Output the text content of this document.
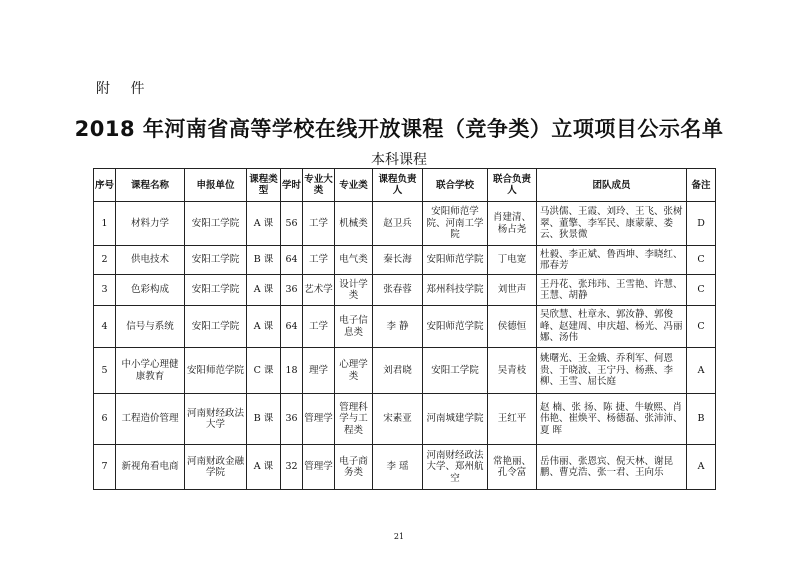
附 件
2018 年河南省高等学校在线开放课程（竞争类）立项项目公示名单
本科课程
序号	课程名称	申报单位	课程类型	学时	专业大类	专业类	课程负责人	联合学校	联合负责人	团队成员	备注
1	材料力学	安阳工学院	A 课	56	工学	机械类	赵卫兵	安阳师范学院、河南工学院	肖建清、杨占尧	马洪儒、王霞、刘玲、王飞、张树翠、董擎、李军民、康蒙蒙、娄云、狄景微	D
2	供电技术	安阳工学院	B 课	64	工学	电气类	秦长海	安阳师范学院	丁电宽	杜毅、李正斌、鲁西坤、李晓红、邢春芳	C
3	色彩构成	安阳工学院	A 课	36	艺术学	设计学类	张春蓉	郑州科技学院	刘世声	王丹花、张玮玮、王雪艳、许慧、王慧、胡静	C
4	信号与系统	安阳工学院	A 课	64	工学	电子信息类	李 静	安阳师范学院	侯德恒	吴欣慧、杜章永、郭汝静、郭俊峰、赵建周、申庆超、杨光、冯丽娜、汤伟	C
5	中小学心理健康教育	安阳师范学院	C 课	18	理学	心理学类	刘君晓	安阳工学院	吴青枝	姚曙光、王金娥、乔利军、何恩贵、于晓波、王宁丹、杨燕、李柳、王雪、屈长庭	A
6	工程造价管理	河南财经政法大学	B 课	36	管理学	管理科学与工程类	宋素亚	河南城建学院	王红平	赵 楠、张 扬、陈 捷、牛敏熙、肖伟艳、崔焕平、杨德磊、张沛沛、夏 晖	B
7	新视角看电商	河南财政金融学院	A 课	32	管理学	电子商务类	李 瑶	河南财经政法大学、郑州航空	常艳丽、孔令富	岳伟丽、张恩宾、倪天林、谢昆鹏、曹克浩、张一君、王向乐	A
21
